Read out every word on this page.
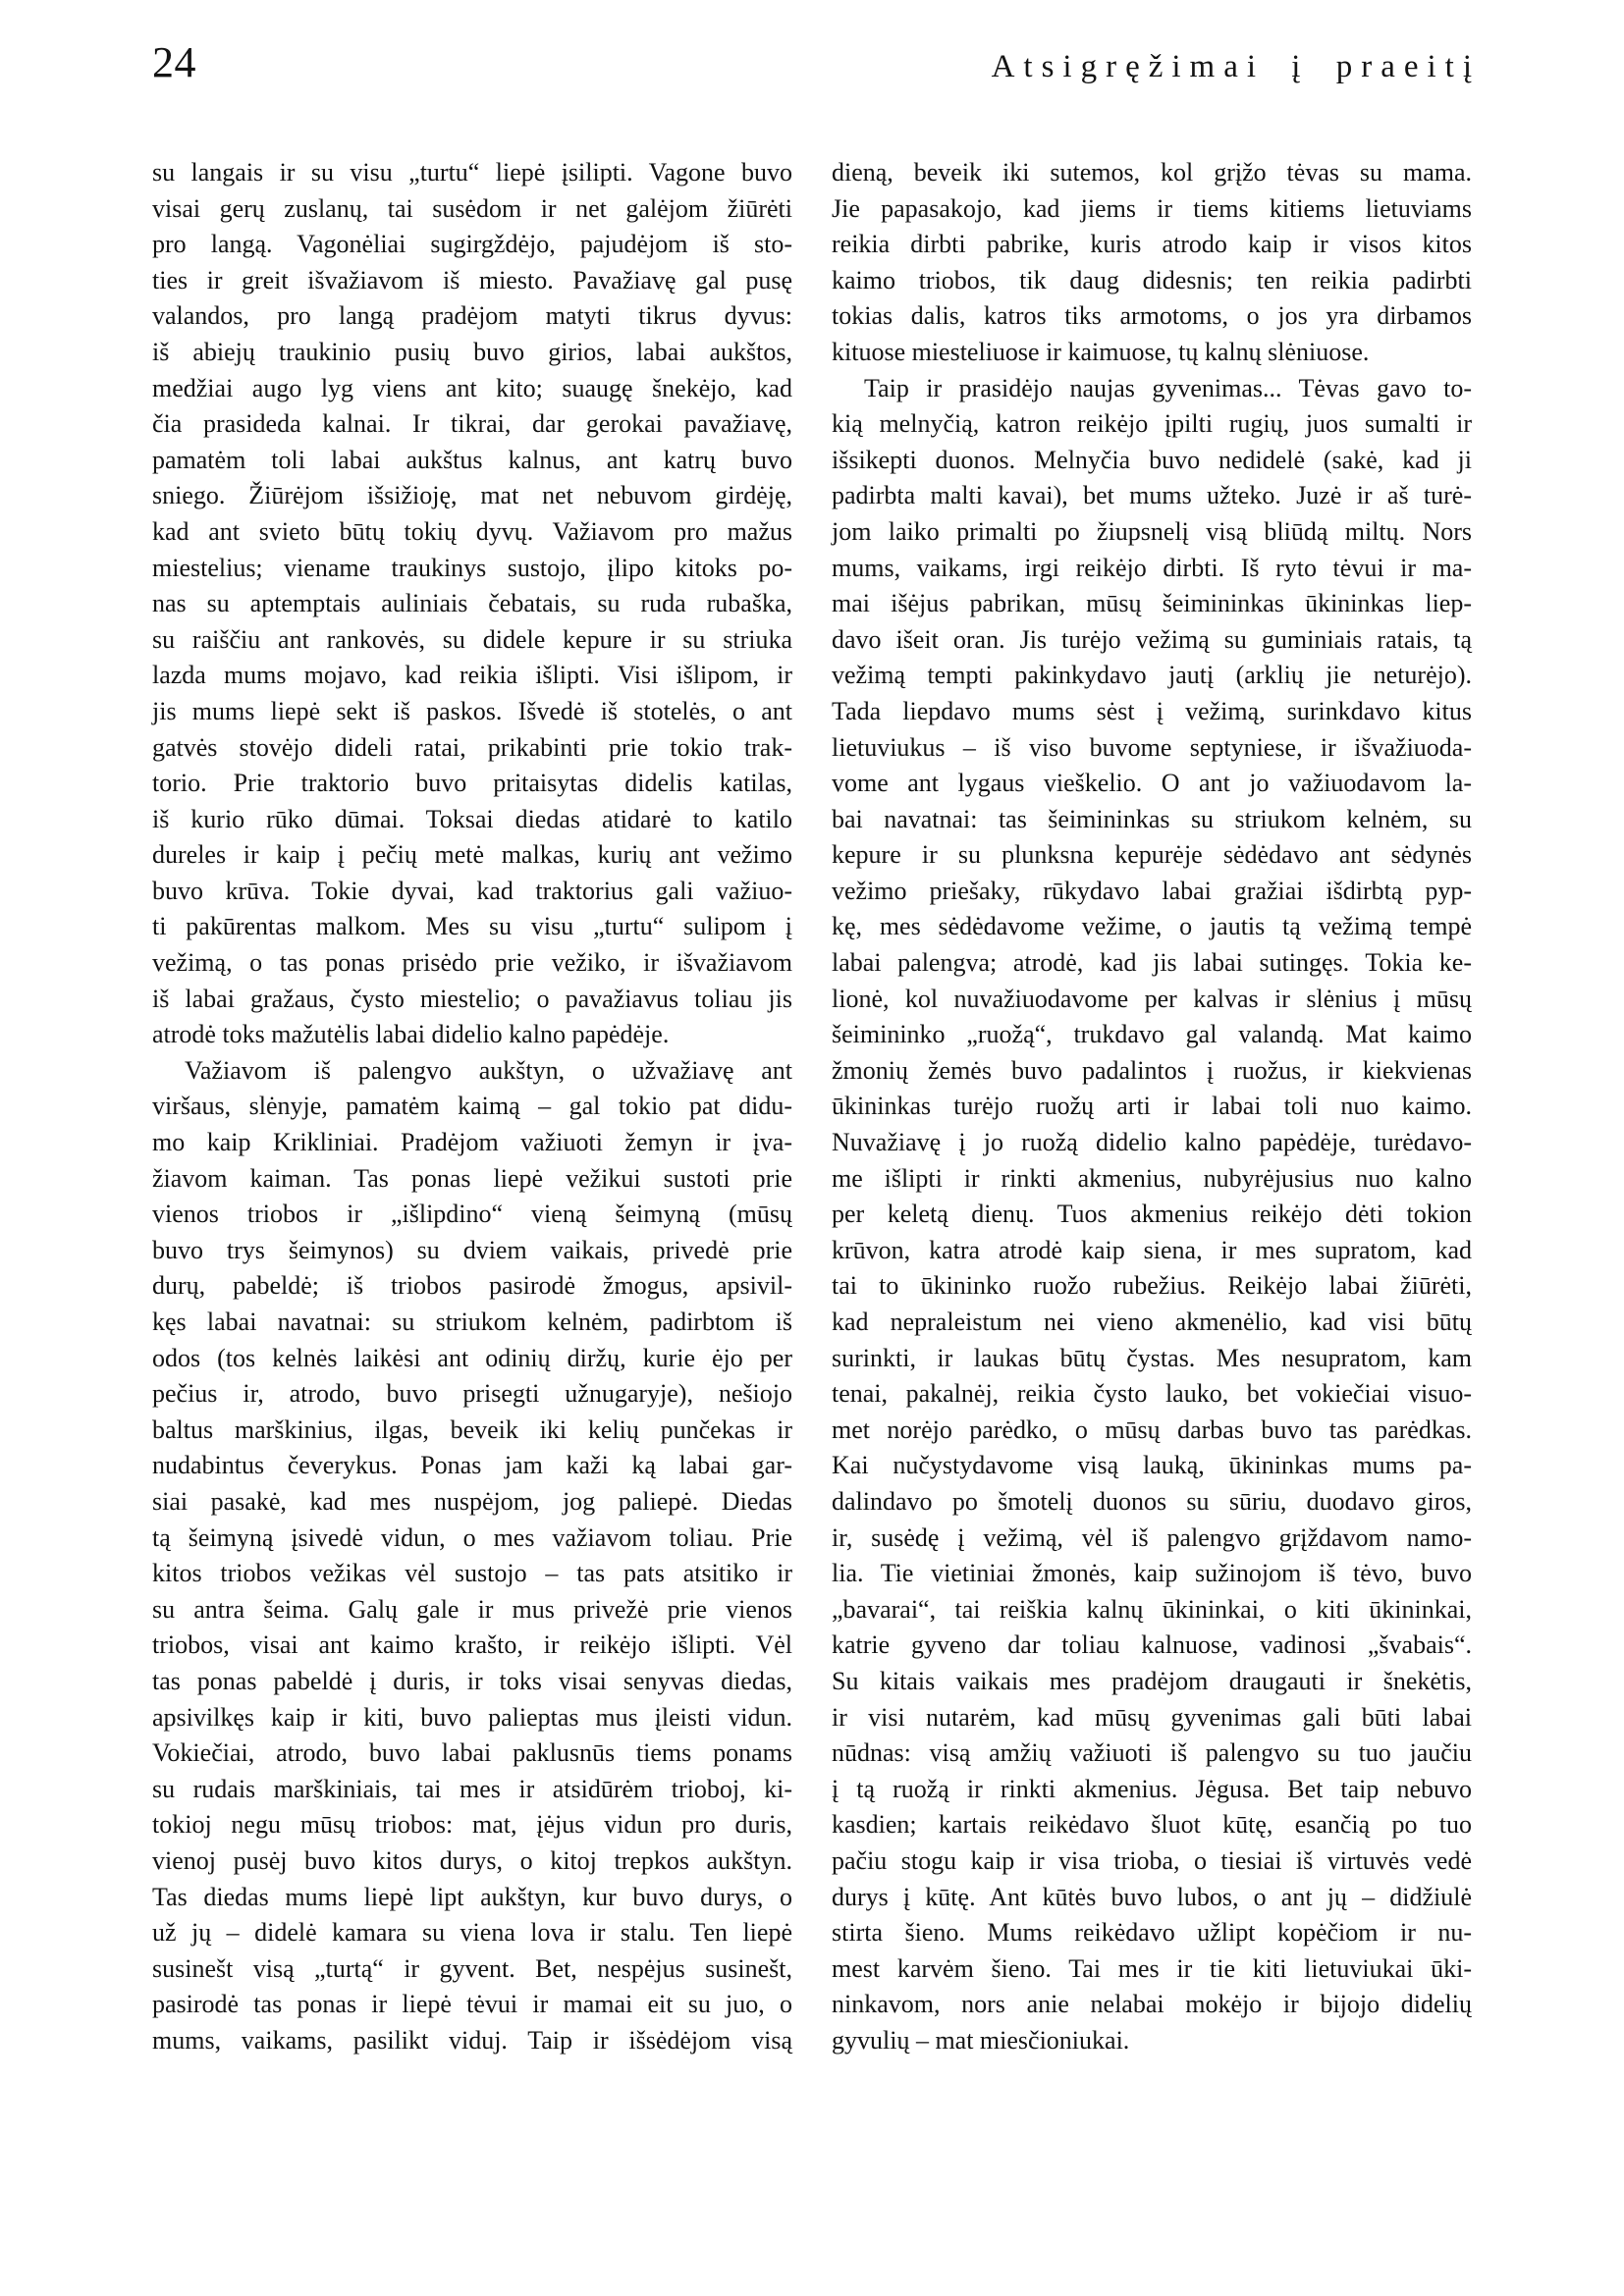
24	Atsigręžimai į praeitį
su langais ir su visu „turtu“ liepė įsilipti. Vagone buvo
visai gerų zuslanų, tai susėdom ir net galėjom žiūrėti
pro langą. Vagonėliai sugirgždėjo, pajudėjom iš sto-
ties ir greit išvažiavom iš miesto. Pavažiavę gal pusę
valandos, pro langą pradėjom matyti tikrus dyvus:
iš abiejų traukinio pusių buvo girios, labai aukštos,
medžiai augo lyg viens ant kito; suaugę šnekėjo, kad
čia prasideda kalnai. Ir tikrai, dar gerokai pavažiavę,
pamatėm toli labai aukštus kalnus, ant katrų buvo
sniego. Žiūrėjom išsižioję, mat net nebuvom girdėję,
kad ant svieto būtų tokių dyvų. Važiavom pro mažus
miestelius; viename traukinys sustojo, įlipo kitoks po-
nas su aptemptais auliniais čebatais, su ruda rubaška,
su raiščiu ant rankovės, su didele kepure ir su striuka
lazda mums mojavo, kad reikia išlipti. Visi išlipom, ir
jis mums liepė sekt iš paskos. Išvedė iš stotelės, o ant
gatvės stovėjo dideli ratai, prikabinti prie tokio trak-
torio. Prie traktorio buvo pritaisytas didelis katilas,
iš kurio rūko dūmai. Toksai diedas atidarė to katilo
dureles ir kaip į pečių metė malkas, kurių ant vežimo
buvo krūva. Tokie dyvai, kad traktorius gali važiuo-
ti pakūrentas malkom. Mes su visu „turtu“ sulipom į
vežimą, o tas ponas prisėdo prie vežiko, ir išvažiavom
iš labai gražaus, čysto miestelio; o pavažiavus toliau jis
atrodė toks mažutėlis labai didelio kalno papėdėje.
Važiavom iš palengvo aukštyn, o užvažiavę ant
viršaus, slėnyje, pamatėm kaimą – gal tokio pat didu-
mo kaip Krikliniai. Pradėjom važiuoti žemyn ir įva-
žiavom kaiman. Tas ponas liepė vežikui sustoti prie
vienos triobos ir „išlipdino“ vieną šeimyną (mūsų
buvo trys šeimynos) su dviem vaikais, privedė prie
durų, pabeldė; iš triobos pasirodė žmogus, apsivil-
kęs labai navatnai: su striukom kelnėm, padirbtom iš
odos (tos kelnės laikėsi ant odinių diržų, kurie ėjo per
pečius ir, atrodo, buvo prisegti užnugaryje), nešiojo
baltus marškinius, ilgas, beveik iki kelių punčekas ir
nudabintus čeverykus. Ponas jam kaži ką labai gar-
siai pasakė, kad mes nuspėjom, jog paliepė. Diedas
tą šeimyną įsivedė vidun, o mes važiavom toliau. Prie
kitos triobos vežikas vėl sustojo – tas pats atsitiko ir
su antra šeima. Galų gale ir mus privežė prie vienos
triobos, visai ant kaimo krašto, ir reikėjo išlipti. Vėl
tas ponas pabeldė į duris, ir toks visai senyvas diedas,
apsivilkęs kaip ir kiti, buvo palieptas mus įleisti vidun.
Vokiečiai, atrodo, buvo labai paklusnūs tiems ponams
su rudais marškiniais, tai mes ir atsidūrėm trioboj, ki-
tokioj negu mūsų triobos: mat, įėjus vidun pro duris,
vienoj pusėj buvo kitos durys, o kitoj trepkos aukštyn.
Tas diedas mums liepė lipt aukštyn, kur buvo durys, o
už jų – didelė kamara su viena lova ir stalu. Ten liepė
susinešt visą „turtą“ ir gyvent. Bet, nespėjus susinešt,
pasirodė tas ponas ir liepė tėvui ir mamai eit su juo, o
mums, vaikams, pasilikt viduj. Taip ir išsėdėjom visą
dieną, beveik iki sutemos, kol grįžo tėvas su mama.
Jie papasakojo, kad jiems ir tiems kitiems lietuviams
reikia dirbti pabrike, kuris atrodo kaip ir visos kitos
kaimo triobos, tik daug didesnis; ten reikia padirbti
tokias dalis, katros tiks armotoms, o jos yra dirbamos
kituose miesteliuose ir kaimuose, tų kalnų slėniuose.
Taip ir prasidėjo naujas gyvenimas... Tėvas gavo to-
kią melnyčią, katron reikėjo įpilti rugių, juos sumalti ir
išsikepti duonos. Melnyčia buvo nedidelė (sakė, kad ji
padirbta malti kavai), bet mums užteko. Juzė ir aš turė-
jom laiko primalti po žiupsnelį visą bliūdą miltų. Nors
mums, vaikams, irgi reikėjo dirbti. Iš ryto tėvui ir ma-
mai išėjus pabrikan, mūsų šeimininkas ūkininkas liep-
davo išeit oran. Jis turėjo vežimą su guminiais ratais, tą
vežimą tempti pakinkydavo jautį (arklių jie neturėjo).
Tada liepdavo mums sėst į vežimą, surinkdavo kitus
lietuviukus – iš viso buvome septyniese, ir išvažiuoda-
vome ant lygaus vieškelio. O ant jo važiuodavom la-
bai navatnai: tas šeimininkas su striukom kelnėm, su
kepure ir su plunksna kepurėje sėdėdavo ant sėdynės
vežimo priešaky, rūkydavo labai gražiai išdirbtą pyp-
kę, mes sėdėdavome vežime, o jautis tą vežimą tempė
labai palengva; atrodė, kad jis labai sutingęs. Tokia ke-
lionė, kol nuvažiuodavome per kalvas ir slėnius į mūsų
šeimininko „ruožą“, trukdavo gal valandą. Mat kaimo
žmonių žemės buvo padalintos į ruožus, ir kiekvienas
ūkininkas turėjo ruožų arti ir labai toli nuo kaimo.
Nuvažiavę į jo ruožą didelio kalno papėdėje, turėdavo-
me išlipti ir rinkti akmenius, nubyrėjusius nuo kalno
per keletą dienų. Tuos akmenius reikėjo dėti tokion
krūvon, katra atrodė kaip siena, ir mes supratom, kad
tai to ūkininko ruožo rubežius. Reikėjo labai žiūrėti,
kad nepraleistum nei vieno akmenėlio, kad visi būtų
surinkti, ir laukas būtų čystas. Mes nesupratom, kam
tenai, pakalnėj, reikia čysto lauko, bet vokiečiai visuo-
met norėjo parėdko, o mūsų darbas buvo tas parėdkas.
Kai nučystydavome visą lauką, ūkininkas mums pa-
dalindavo po šmotelį duonos su sūriu, duodavo giros,
ir, susėdę į vežimą, vėl iš palengvo grįždavom namo-
lia. Tie vietiniai žmonės, kaip sužinojom iš tėvo, buvo
„bavarai“, tai reiškia kalnų ūkininkai, o kiti ūkininkai,
katrie gyveno dar toliau kalnuose, vadinosi „švabais“.
Su kitais vaikais mes pradėjom draugauti ir šnekėtis,
ir visi nutarėm, kad mūsų gyvenimas gali būti labai
nūdnas: visą amžių važiuoti iš palengvo su tuo jaučiu
į tą ruožą ir rinkti akmenius. Jėgusa. Bet taip nebuvo
kasdien; kartais reikėdavo šluot kūtę, esančią po tuo
pačiu stogu kaip ir visa trioba, o tiesiai iš virtuvės vedė
durys į kūtę. Ant kūtės buvo lubos, o ant jų – didžiulė
stirta šieno. Mums reikėdavo užlipt kopėčiom ir nu-
mest karvėm šieno. Tai mes ir tie kiti lietuviukai ūki-
ninkavom, nors anie nelabai mokėjo ir bijojo didelių
gyvulių – mat miesčioniukai.
